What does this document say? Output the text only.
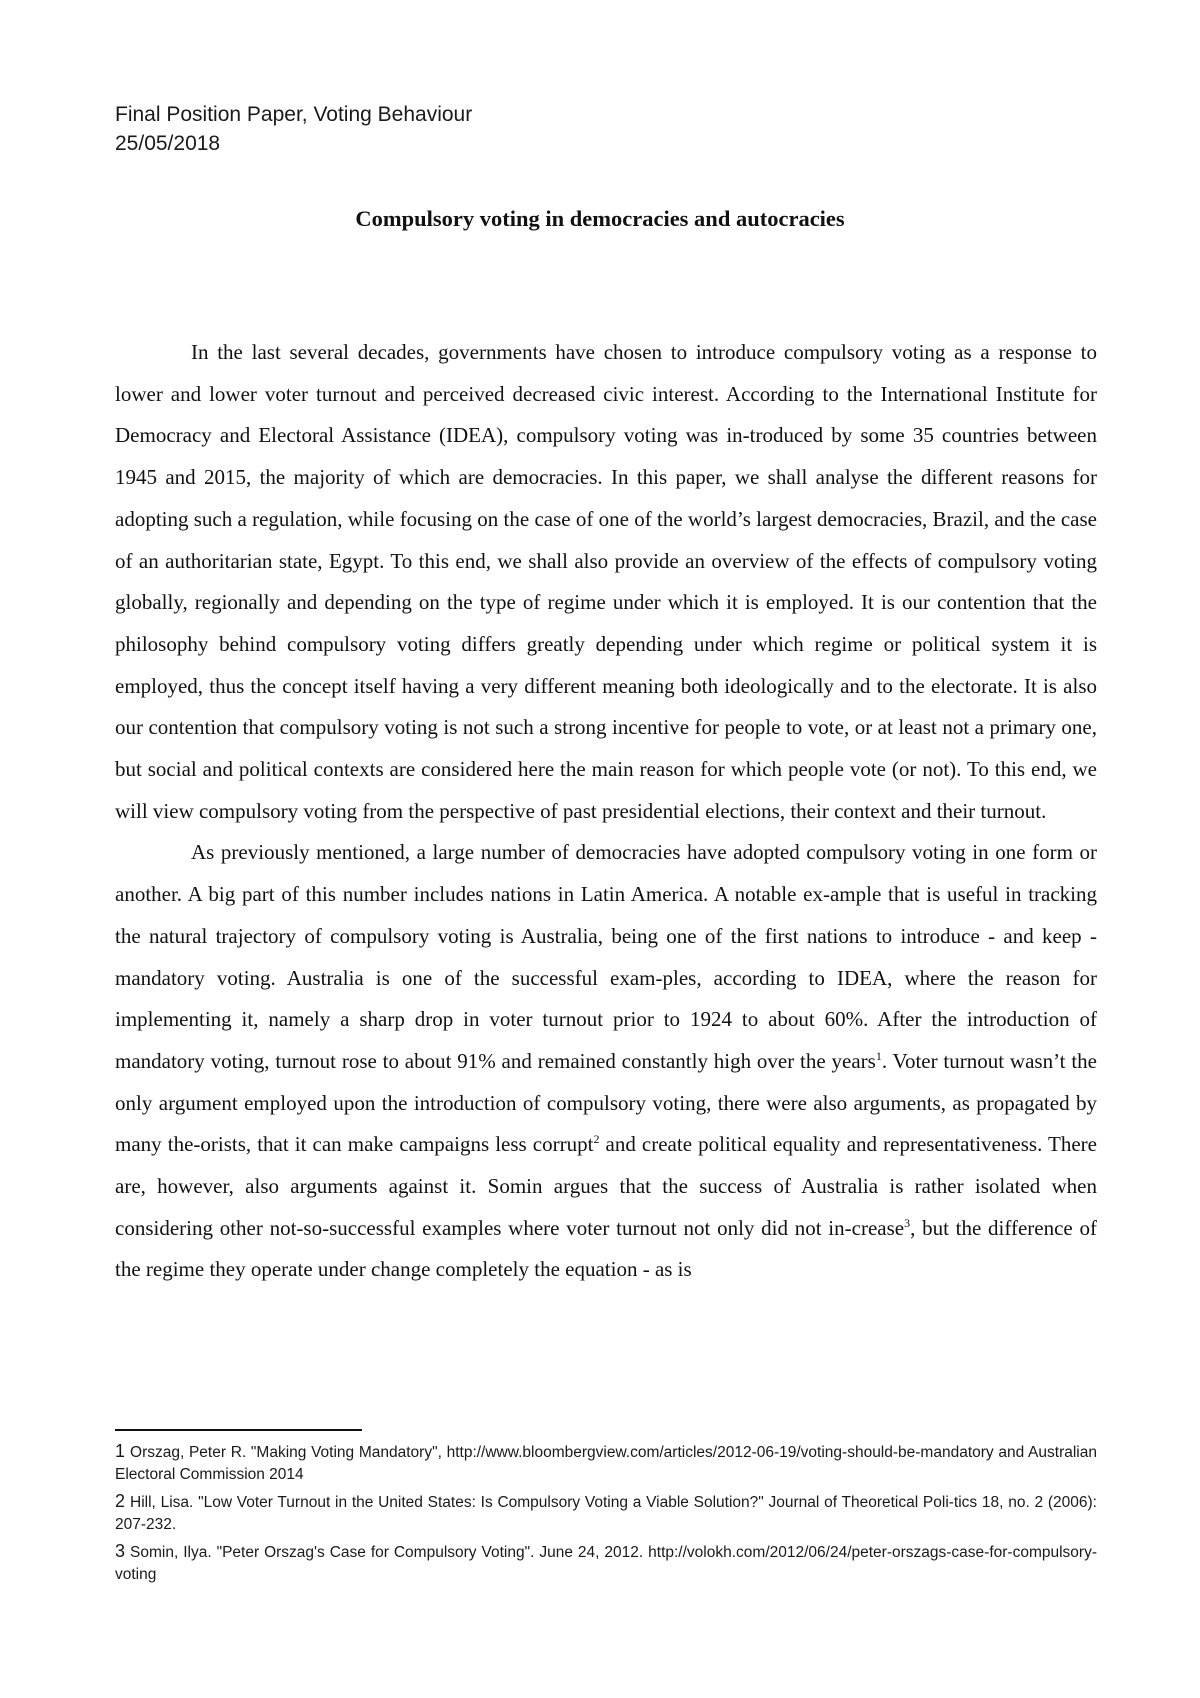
Final Position Paper, Voting Behaviour
25/05/2018
Compulsory voting in democracies and autocracies

In the last several decades, governments have chosen to introduce compulsory voting as a response to lower and lower voter turnout and perceived decreased civic interest. According to the International Institute for Democracy and Electoral Assistance (IDEA), compulsory voting was in-troduced by some 35 countries between 1945 and 2015, the majority of which are democracies. In this paper, we shall analyse the different reasons for adopting such a regulation, while focusing on the case of one of the world’s largest democracies, Brazil, and the case of an authoritarian state, Egypt. To this end, we shall also provide an overview of the effects of compulsory voting globally, regionally and depending on the type of regime under which it is employed. It is our contention that the philosophy behind compulsory voting differs greatly depending under which regime or political system it is employed, thus the concept itself having a very different meaning both ideologically and to the electorate. It is also our contention that compulsory voting is not such a strong incentive for people to vote, or at least not a primary one, but social and political contexts are considered here the main reason for which people vote (or not). To this end, we will view compulsory voting from the perspective of past presidential elections, their context and their turnout.

As previously mentioned, a large number of democracies have adopted compulsory voting in one form or another. A big part of this number includes nations in Latin America. A notable ex-ample that is useful in tracking the natural trajectory of compulsory voting is Australia, being one of the first nations to introduce - and keep - mandatory voting. Australia is one of the successful exam-ples, according to IDEA, where the reason for implementing it, namely a sharp drop in voter turnout prior to 1924 to about 60%. After the introduction of mandatory voting, turnout rose to about 91% and remained constantly high over the years$^1$. Voter turnout wasn’t the only argument employed upon the introduction of compulsory voting, there were also arguments, as propagated by many the-orists, that it can make campaigns less corrupt$^2$ and create political equality and representativeness. There are, however, also arguments against it. Somin argues that the success of Australia is rather isolated when considering other not-so-successful examples where voter turnout not only did not in-crease$^3$, but the difference of the regime they operate under change completely the equation - as is

1 Orszag, Peter R. "Making Voting Mandatory", http://www.bloombergview.com/articles/2012-06-19/voting-should-be-mandatory and Australian Electoral Commission 2014
2 Hill, Lisa. "Low Voter Turnout in the United States: Is Compulsory Voting a Viable Solution?" Journal of Theoretical Poli-tics 18, no. 2 (2006): 207-232.
3 Somin, Ilya. "Peter Orszag's Case for Compulsory Voting". June 24, 2012. http://volokh.com/2012/06/24/peter-orszags-case-for-compulsory-voting
